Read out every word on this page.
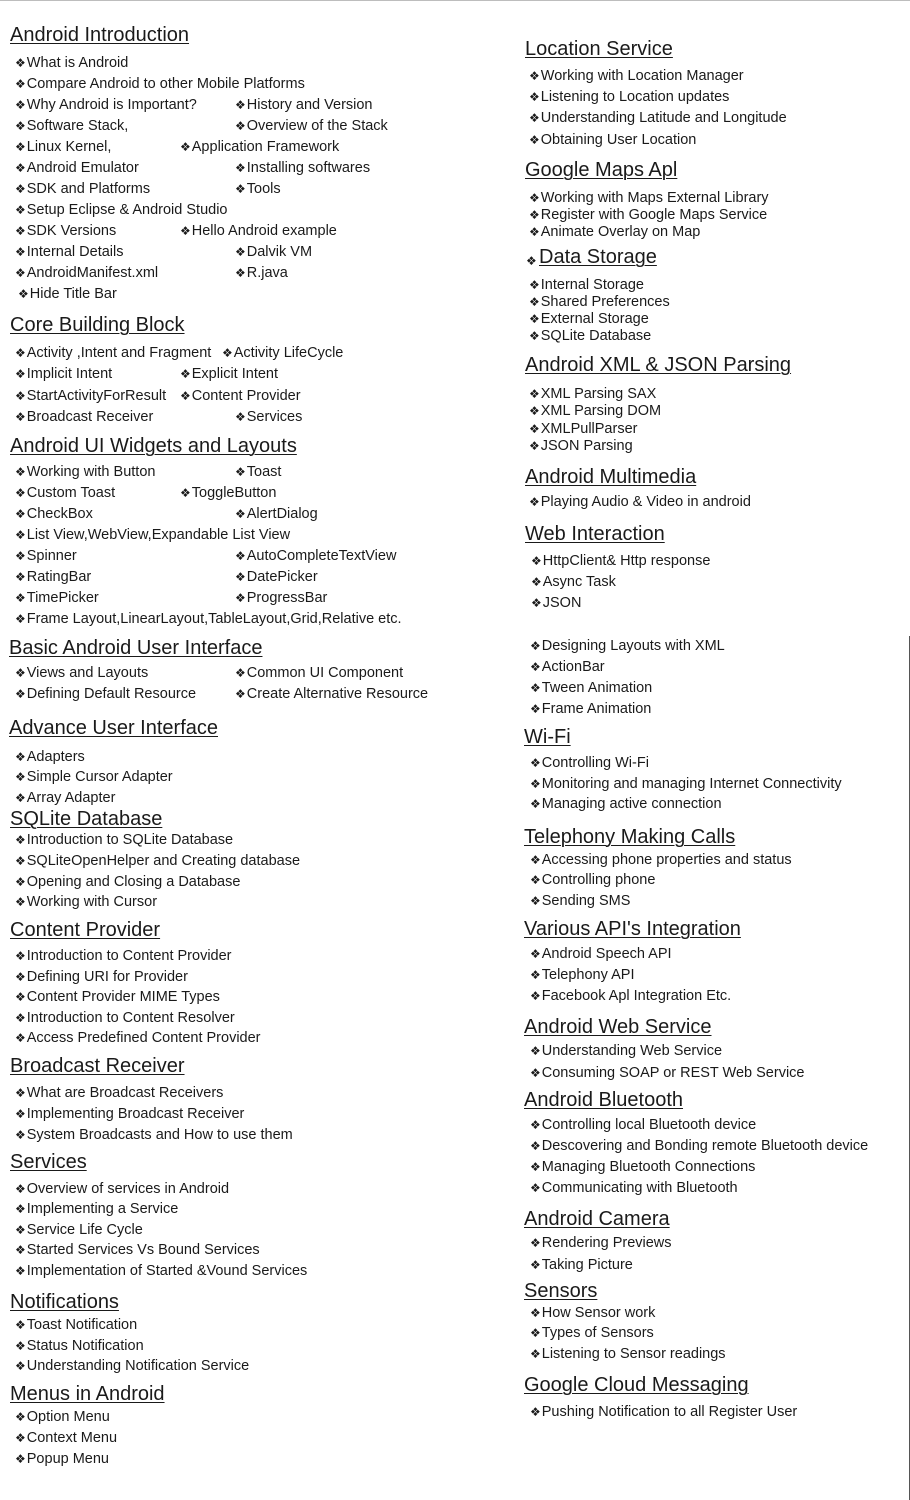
Android Introduction
❖What is Android
❖Compare Android to other Mobile Platforms
❖Why Android is Important?	❖History and Version
❖Software Stack,	❖Overview of the Stack
❖Linux Kernel,	❖Application Framework
❖Android Emulator	❖Installing softwares
❖SDK and Platforms	❖Tools
❖Setup Eclipse & Android Studio
❖SDK Versions	❖Hello Android example
❖Internal Details	❖Dalvik VM
❖AndroidManifest.xml	❖R.java
❖Hide Title Bar
Core Building Block
❖Activity ,Intent and Fragment ❖Activity LifeCycle
❖Implicit Intent	❖Explicit Intent
❖StartActivityForResult ❖Content Provider
❖Broadcast Receiver	❖Services
Android UI Widgets and Layouts
❖Working with Button	❖Toast
❖Custom Toast	❖ToggleButton
❖CheckBox	❖AlertDialog
❖List View,WebView,Expandable List View
❖Spinner	❖AutoCompleteTextView
❖RatingBar	❖DatePicker
❖TimePicker	❖ProgressBar
❖Frame Layout,LinearLayout,TableLayout,Grid,Relative etc.
Basic Android User Interface
❖Views and Layouts	❖Common UI Component
❖Defining Default Resource	❖Create Alternative Resource
Advance User Interface
❖Adapters
❖Simple Cursor Adapter
❖Array Adapter
SQLite Database
❖Introduction to SQLite Database
❖SQLiteOpenHelper and Creating database
❖Opening and Closing a Database
❖Working with Cursor
Content Provider
❖Introduction to Content Provider
❖Defining URI for Provider
❖Content Provider MIME Types
❖Introduction to Content Resolver
❖Access Predefined Content Provider
Broadcast Receiver
❖What are Broadcast Receivers
❖Implementing Broadcast Receiver
❖System Broadcasts and How to use them
Services
❖Overview of services in Android
❖Implementing a Service
❖Service Life Cycle
❖Started Services Vs Bound Services
❖Implementation of Started &Vound Services
Notifications
❖Toast Notification
❖Status Notification
❖Understanding Notification Service
Menus in Android
❖Option Menu
❖Context Menu
❖Popup Menu
Location Service
❖Working with Location Manager
❖Listening to Location updates
❖Understanding Latitude and Longitude
❖Obtaining User Location
Google Maps Apl
❖Working with Maps External Library
❖Register with Google Maps Service
❖Animate Overlay on Map
❖ Data Storage
❖Internal Storage
❖Shared Preferences
❖External Storage
❖SQLite Database
Android XML & JSON Parsing
❖XML Parsing SAX
❖XML Parsing DOM
❖XMLPullParser
❖JSON Parsing
Android Multimedia
❖Playing Audio & Video in android
Web Interaction
❖HttpClient& Http response
❖Async Task
❖JSON
❖Designing Layouts with XML
❖ActionBar
❖Tween Animation
❖Frame Animation
Wi-Fi
❖Controlling Wi-Fi
❖Monitoring and managing Internet Connectivity
❖Managing active connection
Telephony Making Calls
❖Accessing phone properties and status
❖Controlling phone
❖Sending SMS
Various API's Integration
❖Android Speech API
❖Telephony API
❖Facebook Apl Integration Etc.
Android Web Service
❖Understanding Web Service
❖Consuming SOAP or REST Web Service
Android Bluetooth
❖Controlling local Bluetooth device
❖Descovering and Bonding remote Bluetooth device
❖Managing Bluetooth Connections
❖Communicating with Bluetooth
Android Camera
❖Rendering Previews
❖Taking Picture
Sensors
❖How Sensor work
❖Types of Sensors
❖Listening to Sensor readings
Google Cloud Messaging
❖Pushing Notification to all Register User
